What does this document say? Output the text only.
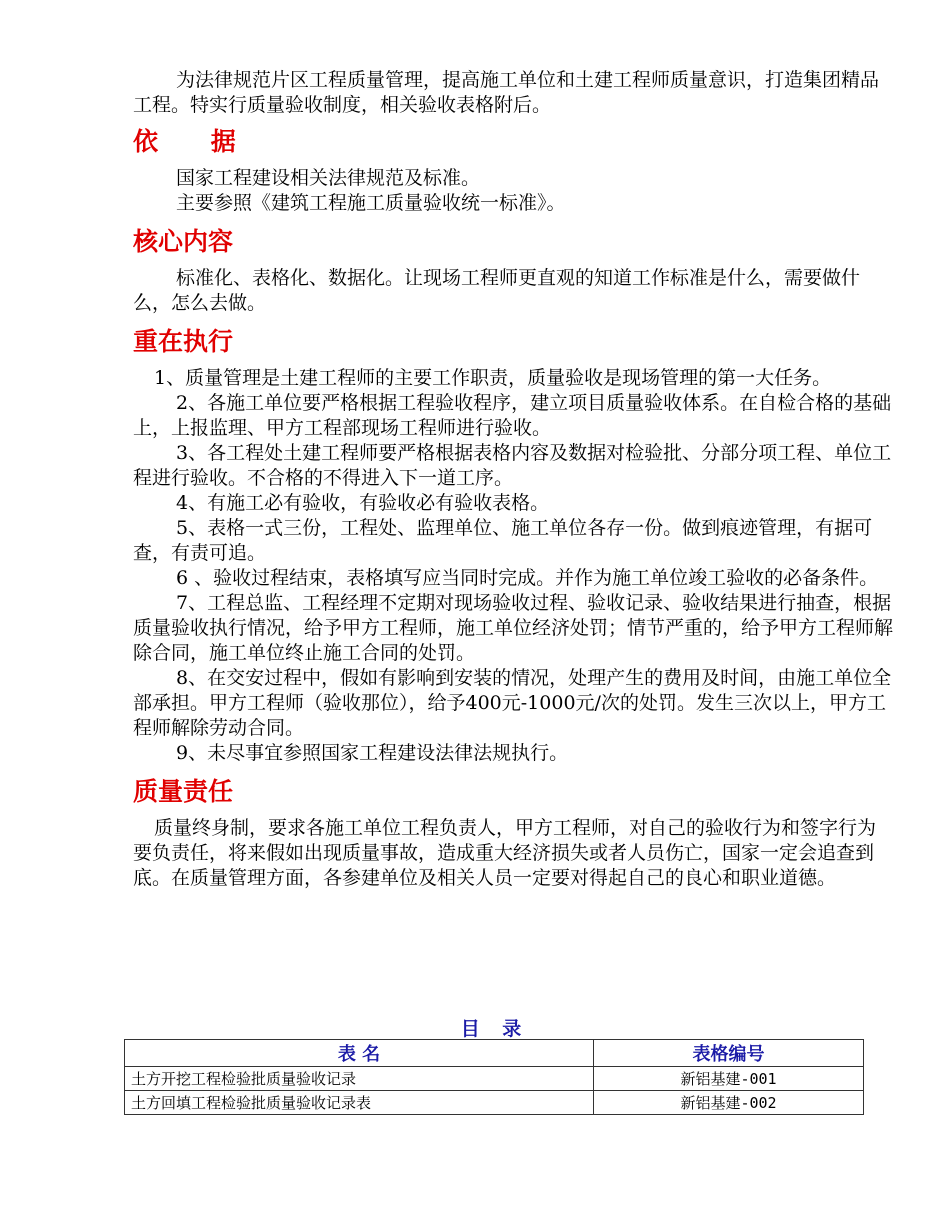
为法律规范片区工程质量管理，提高施工单位和土建工程师质量意识，打造集团精品工程。特实行质量验收制度，相关验收表格附后。

依 据

国家工程建设相关法律规范及标准。

主要参照《建筑工程施工质量验收统一标准》。

核心内容

标准化、表格化、数据化。让现场工程师更直观的知道工作标准是什么，需要做什么，怎么去做。

重在执行

1、质量管理是土建工程师的主要工作职责，质量验收是现场管理的第一大任务。

2、各施工单位要严格根据工程验收程序，建立项目质量验收体系。在自检合格的基础上，上报监理、甲方工程部现场工程师进行验收。

3、各工程处土建工程师要严格根据表格内容及数据对检验批、分部分项工程、单位工程进行验收。不合格的不得进入下一道工序。

4、有施工必有验收，有验收必有验收表格。

5、表格一式三份，工程处、监理单位、施工单位各存一份。做到痕迹管理，有据可查，有责可追。

6 、验收过程结束，表格填写应当同时完成。并作为施工单位竣工验收的必备条件。

7、工程总监、工程经理不定期对现场验收过程、验收记录、验收结果进行抽查，根据质量验收执行情况，给予甲方工程师，施工单位经济处罚；情节严重的，给予甲方工程师解除合同，施工单位终止施工合同的处罚。

8、在交安过程中，假如有影响到安装的情况，处理产生的费用及时间，由施工单位全部承担。甲方工程师（验收那位），给予400元-1000元/次的处罚。发生三次以上，甲方工程师解除劳动合同。

9、未尽事宜参照国家工程建设法律法规执行。

质量责任

质量终身制，要求各施工单位工程负责人，甲方工程师，对自己的验收行为和签字行为要负责任，将来假如出现质量事故，造成重大经济损失或者人员伤亡，国家一定会追查到底。在质量管理方面，各参建单位及相关人员一定要对得起自己的良心和职业道德。

目 录
表 名	表格编号
土方开挖工程检验批质量验收记录	新铝基建-001
土方回填工程检验批质量验收记录表	新铝基建-002
